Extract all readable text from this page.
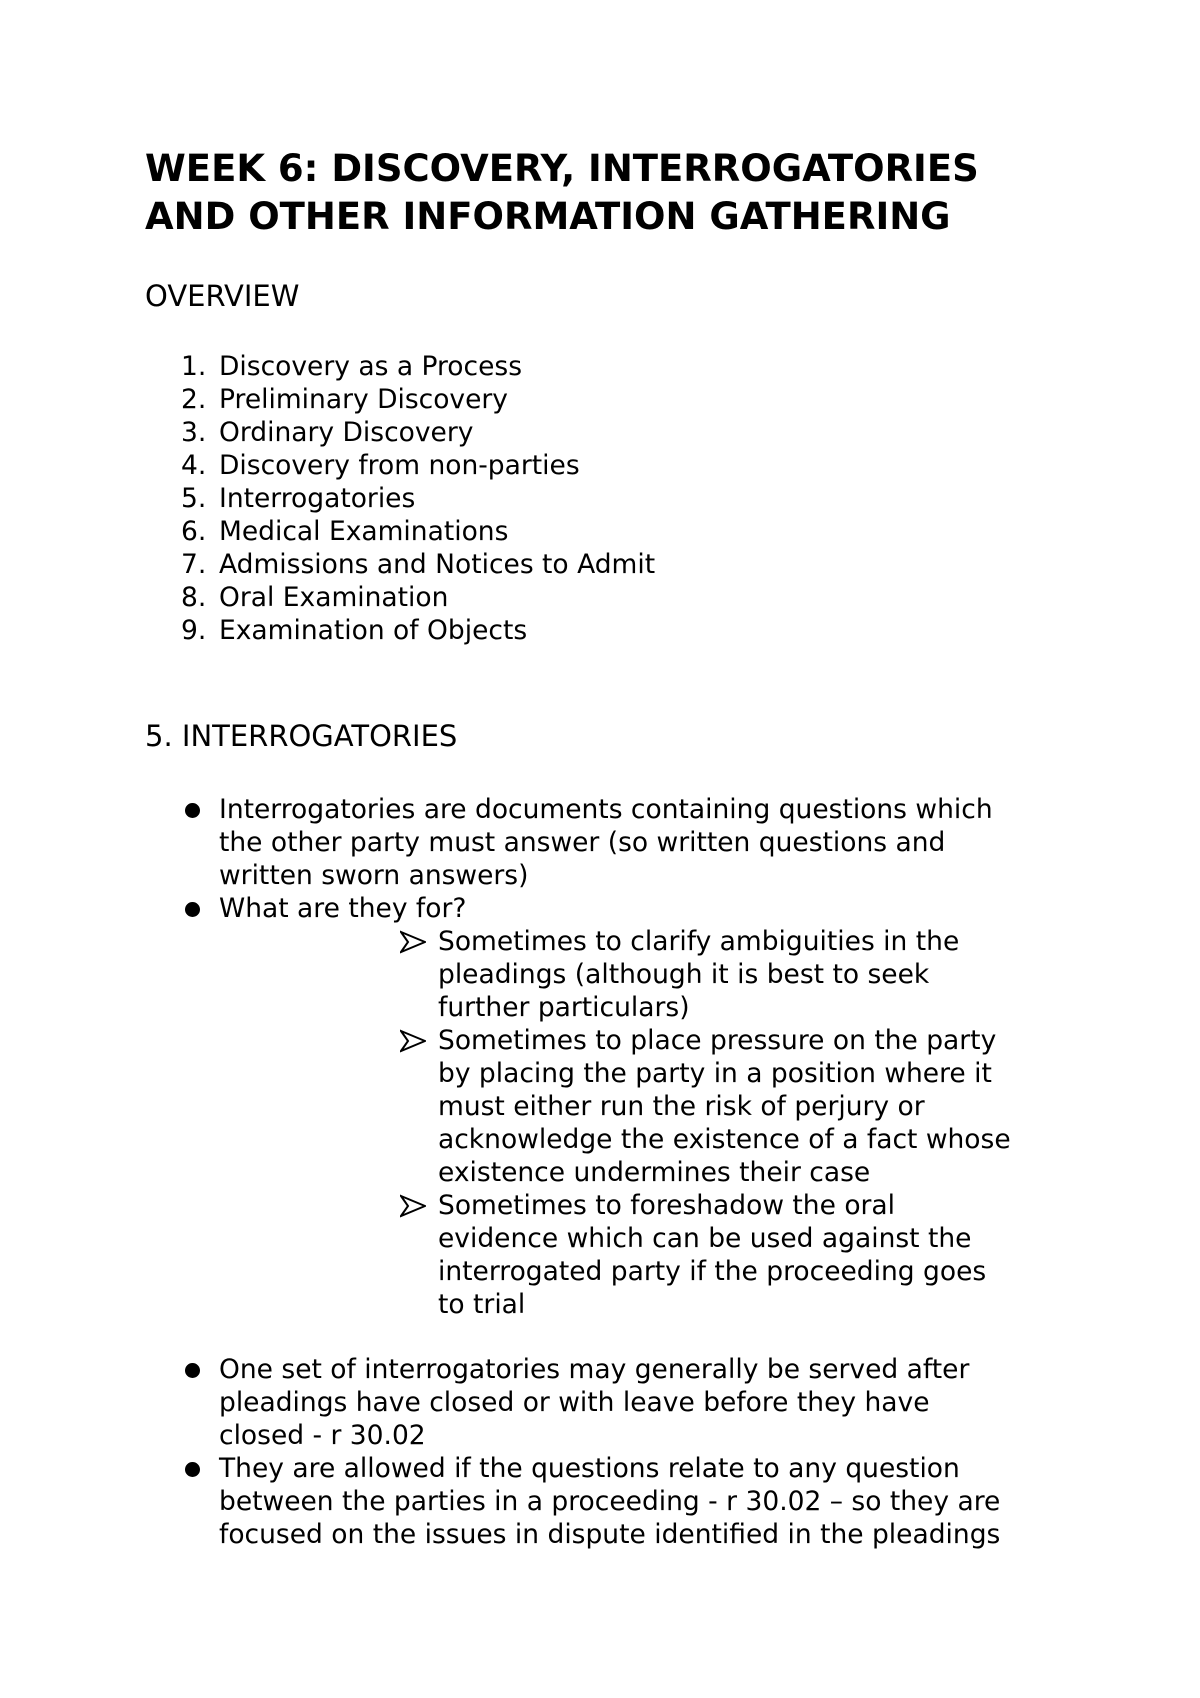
WEEK 6: DISCOVERY, INTERROGATORIES
AND OTHER INFORMATION GATHERING
OVERVIEW
1. Discovery as a Process
2. Preliminary Discovery
3. Ordinary Discovery
4. Discovery from non-parties
5. Interrogatories
6. Medical Examinations
7. Admissions and Notices to Admit
8. Oral Examination
9. Examination of Objects
5. INTERROGATORIES
Interrogatories are documents containing questions which
the other party must answer (so written questions and
written sworn answers)
What are they for?
Sometimes to clarify ambiguities in the
pleadings (although it is best to seek
further particulars)
Sometimes to place pressure on the party
by placing the party in a position where it
must either run the risk of perjury or
acknowledge the existence of a fact whose
existence undermines their case
Sometimes to foreshadow the oral
evidence which can be used against the
interrogated party if the proceeding goes
to trial
One set of interrogatories may generally be served after
pleadings have closed or with leave before they have
closed - r 30.02
They are allowed if the questions relate to any question
between the parties in a proceeding - r 30.02 – so they are
focused on the issues in dispute identified in the pleadings
